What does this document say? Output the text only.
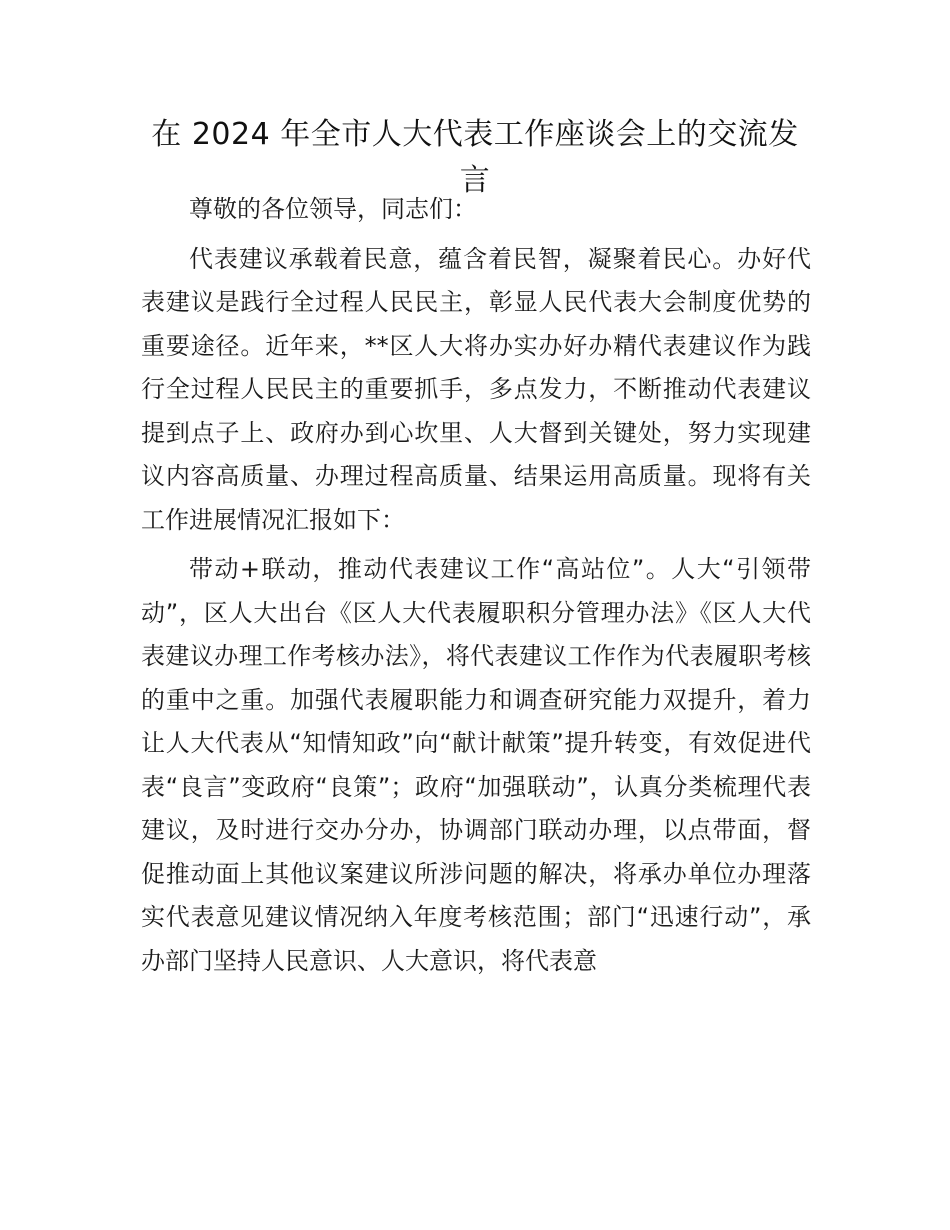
在 2024 年全市人大代表工作座谈会上的交流发言

尊敬的各位领导，同志们：

代表建议承载着民意，蕴含着民智，凝聚着民心。办好代表建议是践行全过程人民民主，彰显人民代表大会制度优势的重要途径。近年来，**区人大将办实办好办精代表建议作为践行全过程人民民主的重要抓手，多点发力，不断推动代表建议提到点子上、政府办到心坎里、人大督到关键处，努力实现建议内容高质量、办理过程高质量、结果运用高质量。现将有关工作进展情况汇报如下：

带动+联动，推动代表建议工作“高站位”。人大“引领带动”，区人大出台《区人大代表履职积分管理办法》《区人大代表建议办理工作考核办法》，将代表建议工作作为代表履职考核的重中之重。加强代表履职能力和调查研究能力双提升，着力让人大代表从“知情知政”向“献计献策”提升转变，有效促进代表“良言”变政府“良策”；政府“加强联动”，认真分类梳理代表建议，及时进行交办分办，协调部门联动办理，以点带面，督促推动面上其他议案建议所涉问题的解决，将承办单位办理落实代表意见建议情况纳入年度考核范围；部门“迅速行动”，承办部门坚持人民意识、人大意识，将代表意
